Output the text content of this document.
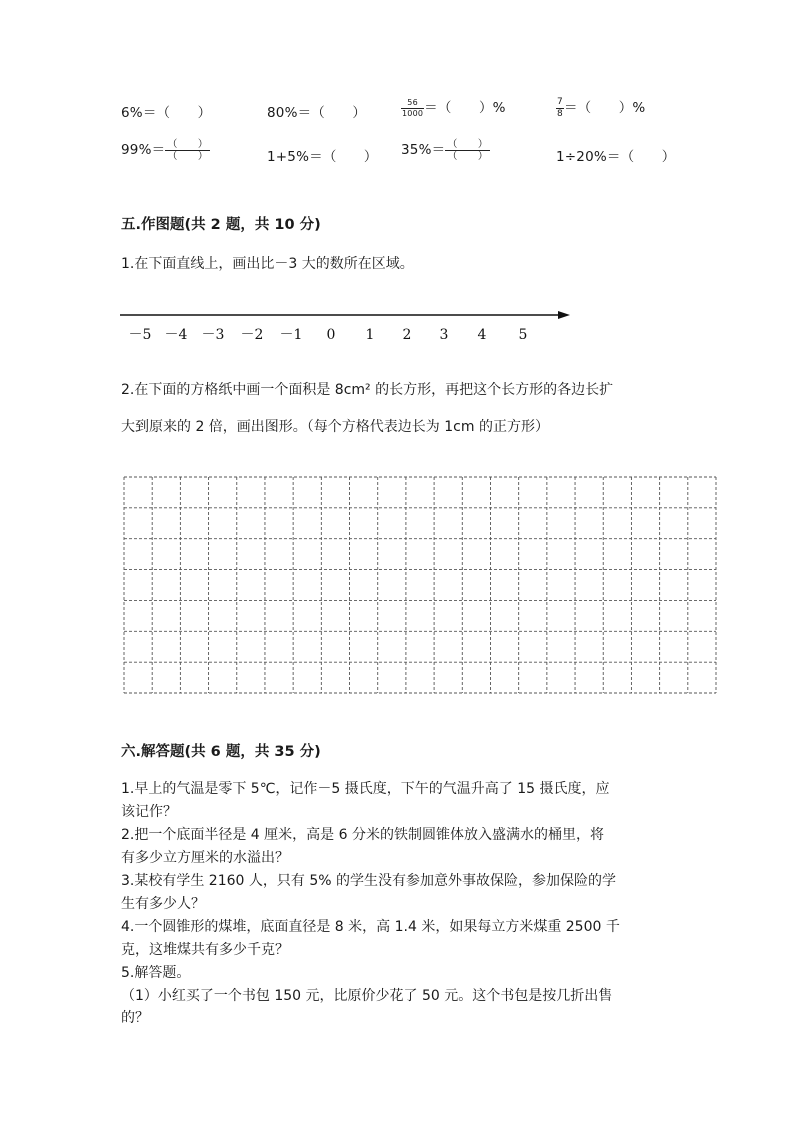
6%＝（　　）	80%＝（　　）	$\frac{56}{1000}$ ＝（　　）%	$\frac{7}{8}$ ＝（　　）%
$99\%= \frac{( )}{( )}$	1+5%＝（　　） $35\%= \frac{( )}{( )}$	1÷20%＝（　　）
五.作图题(共 2 题，共 10 分)
1.在下面直线上，画出比－3 大的数所在区域。
－5 －4 －3 －2 －1 0 1 2 3 4 5
2.在下面的方格纸中画一个面积是 8cm² 的长方形，再把这个长方形的各边长扩
大到原来的 2 倍，画出图形。（每个方格代表边长为 1cm 的正方形）
六.解答题(共 6 题，共 35 分)
1.早上的气温是零下 5℃，记作－5 摄氏度，下午的气温升高了 15 摄氏度，应
该记作？
2.把一个底面半径是 4 厘米，高是 6 分米的铁制圆锥体放入盛满水的桶里，将
有多少立方厘米的水溢出？
3.某校有学生 2160 人，只有 5% 的学生没有参加意外事故保险，参加保险的学
生有多少人？
4.一个圆锥形的煤堆，底面直径是 8 米，高 1.4 米，如果每立方米煤重 2500 千
克，这堆煤共有多少千克？
5.解答题。
（1）小红买了一个书包 150 元，比原价少花了 50 元。这个书包是按几折出售
的？
